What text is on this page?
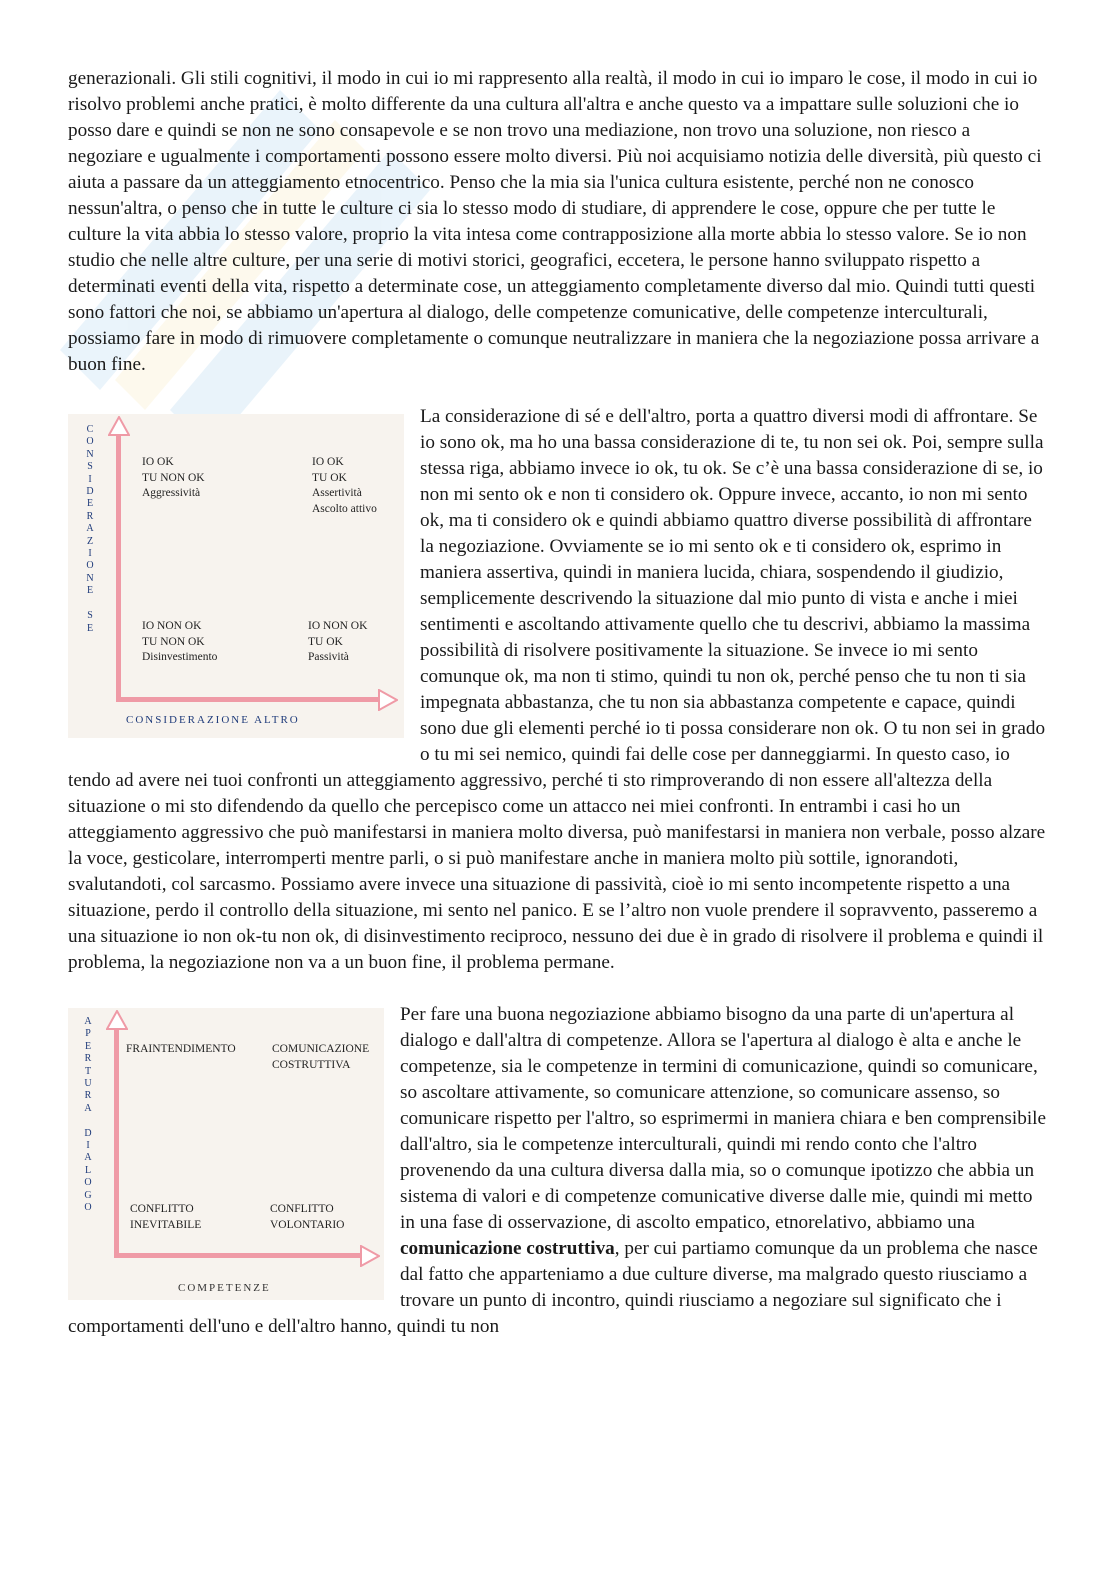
generazionali. Gli stili cognitivi, il modo in cui io mi rappresento alla realtà, il modo in cui io imparo le cose, il modo in cui io risolvo problemi anche pratici, è molto differente da una cultura all'altra e anche questo va a impattare sulle soluzioni che io posso dare e quindi se non ne sono consapevole e se non trovo una mediazione, non trovo una soluzione, non riesco a negoziare e ugualmente i comportamenti possono essere molto diversi. Più noi acquisiamo notizia delle diversità, più questo ci aiuta a passare da un atteggiamento etnocentrico. Penso che la mia sia l'unica cultura esistente, perché non ne conosco nessun'altra, o penso che in tutte le culture ci sia lo stesso modo di studiare, di apprendere le cose, oppure che per tutte le culture la vita abbia lo stesso valore, proprio la vita intesa come contrapposizione alla morte abbia lo stesso valore. Se io non studio che nelle altre culture, per una serie di motivi storici, geografici, eccetera, le persone hanno sviluppato rispetto a determinati eventi della vita, rispetto a determinate cose, un atteggiamento completamente diverso dal mio. Quindi tutti questi sono fattori che noi, se abbiamo un'apertura al dialogo, delle competenze comunicative, delle competenze interculturali, possiamo fare in modo di rimuovere completamente o comunque neutralizzare in maniera che la negoziazione possa arrivare a buon fine.

C
O
N
S
I
D
E
R
A
Z
I
O
N
E

S
E
CONSIDERAZIONE ALTRO
IO OK
TU NON OK
Aggressività
IO OK
TU OK
Assertività
Ascolto attivo
IO NON OK
TU NON OK
Disinvestimento
IO NON OK
TU OK
Passività

La considerazione di sé e dell'altro, porta a quattro diversi modi di affrontare. Se io sono ok, ma ho una bassa considerazione di te, tu non sei ok. Poi, sempre sulla stessa riga, abbiamo invece io ok, tu ok. Se c’è una bassa considerazione di se, io non mi sento ok e non ti considero ok. Oppure invece, accanto, io non mi sento ok, ma ti considero ok e quindi abbiamo quattro diverse possibilità di affrontare la negoziazione. Ovviamente se io mi sento ok e ti considero ok, esprimo in maniera assertiva, quindi in maniera lucida, chiara, sospendendo il giudizio, semplicemente descrivendo la situazione dal mio punto di vista e anche i miei sentimenti e ascoltando attivamente quello che tu descrivi, abbiamo la massima possibilità di risolvere positivamente la situazione. Se invece io mi sento comunque ok, ma non ti stimo, quindi tu non ok, perché penso che tu non ti sia impegnata abbastanza, che tu non sia abbastanza competente e capace, quindi sono due gli elementi perché io ti possa considerare non ok. O tu non sei in grado o tu mi sei nemico, quindi fai delle cose per danneggiarmi. In questo caso, io tendo ad avere nei tuoi confronti un atteggiamento aggressivo, perché ti sto rimproverando di non essere all'altezza della situazione o mi sto difendendo da quello che percepisco come un attacco nei miei confronti. In entrambi i casi ho un atteggiamento aggressivo che può manifestarsi in maniera molto diversa, può manifestarsi in maniera non verbale, posso alzare la voce, gesticolare, interromperti mentre parli, o si può manifestare anche in maniera molto più sottile, ignorandoti, svalutandoti, col sarcasmo. Possiamo avere invece una situazione di passività, cioè io mi sento incompetente rispetto a una situazione, perdo il controllo della situazione, mi sento nel panico. E se l’altro non vuole prendere il sopravvento, passeremo a una situazione io non ok-tu non ok, di disinvestimento reciproco, nessuno dei due è in grado di risolvere il problema e quindi il problema, la negoziazione non va a un buon fine, il problema permane.

A
P
E
R
T
U
R
A

D
I
A
L
O
G
O
COMPETENZE
FRAINTENDIMENTO	COMUNICAZIONE
COSTRUTTIVA
CONFLITTO
INEVITABILE
CONFLITTO
VOLONTARIO

Per fare una buona negoziazione abbiamo bisogno da una parte di un'apertura al dialogo e dall'altra di competenze. Allora se l'apertura al dialogo è alta e anche le competenze, sia le competenze in termini di comunicazione, quindi so comunicare, so ascoltare attivamente, so comunicare attenzione, so comunicare assenso, so comunicare rispetto per l'altro, so esprimermi in maniera chiara e ben comprensibile dall'altro, sia le competenze interculturali, quindi mi rendo conto che l'altro provenendo da una cultura diversa dalla mia, so o comunque ipotizzo che abbia un sistema di valori e di competenze comunicative diverse dalle mie, quindi mi metto in una fase di osservazione, di ascolto empatico, etnorelativo, abbiamo una comunicazione costruttiva, per cui partiamo comunque da un problema che nasce dal fatto che apparteniamo a due culture diverse, ma malgrado questo riusciamo a trovare un punto di incontro, quindi riusciamo a negoziare sul significato che i comportamenti dell'uno e dell'altro hanno, quindi tu non
